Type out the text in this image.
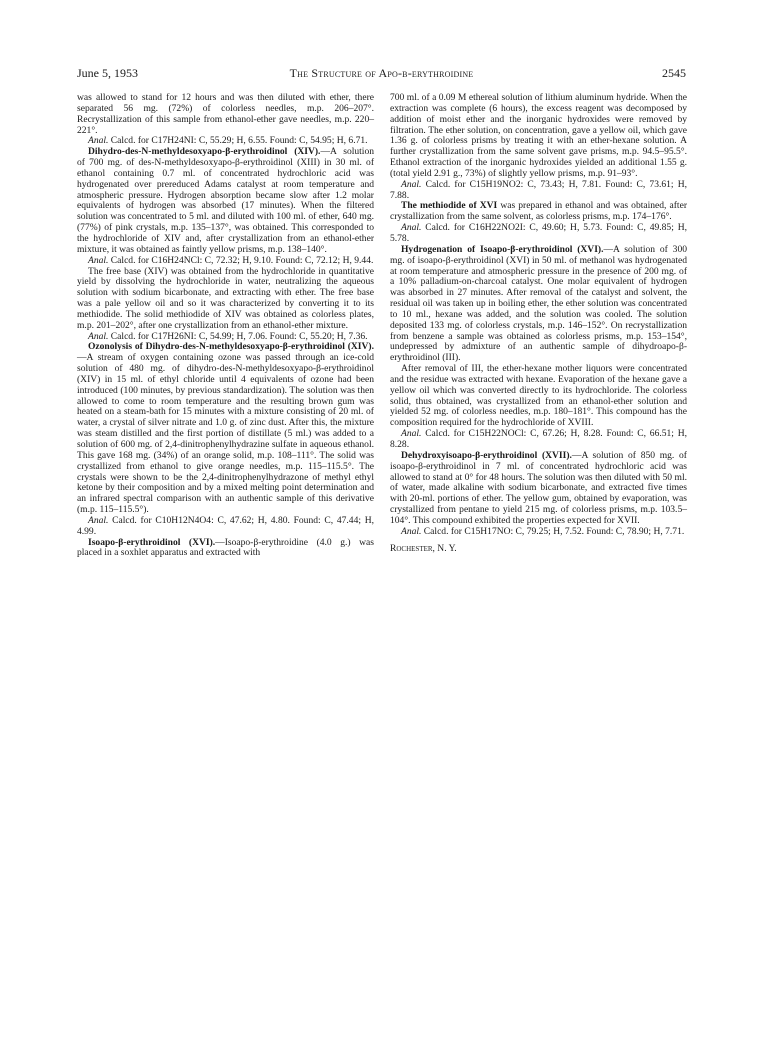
June 5, 1953	The Structure of Apo-β-erythroidine	2545

was allowed to stand for 12 hours and was then diluted with ether, there separated 56 mg. (72%) of colorless needles, m.p. 206–207°. Recrystallization of this sample from ethanol-ether gave needles, m.p. 220–221°.

Anal. Calcd. for C17H24NI: C, 55.29; H, 6.55. Found: C, 54.95; H, 6.71.

Dihydro-des-N-methyldesoxyapo-β-erythroidinol (XIV).—A solution of 700 mg. of des-N-methyldesoxyapo-β-erythroidinol (XIII) in 30 ml. of ethanol containing 0.7 ml. of concentrated hydrochloric acid was hydrogenated over prereduced Adams catalyst at room temperature and atmospheric pressure. Hydrogen absorption became slow after 1.2 molar equivalents of hydrogen was absorbed (17 minutes). When the filtered solution was concentrated to 5 ml. and diluted with 100 ml. of ether, 640 mg. (77%) of pink crystals, m.p. 135–137°, was obtained. This corresponded to the hydrochloride of XIV and, after crystallization from an ethanol-ether mixture, it was obtained as faintly yellow prisms, m.p. 138–140°.

Anal. Calcd. for C16H24NCl: C, 72.32; H, 9.10. Found: C, 72.12; H, 9.44.

The free base (XIV) was obtained from the hydrochloride in quantitative yield by dissolving the hydrochloride in water, neutralizing the aqueous solution with sodium bicarbonate, and extracting with ether. The free base was a pale yellow oil and so it was characterized by converting it to its methiodide. The solid methiodide of XIV was obtained as colorless plates, m.p. 201–202°, after one crystallization from an ethanol-ether mixture.

Anal. Calcd. for C17H26NI: C, 54.99; H, 7.06. Found: C, 55.20; H, 7.36.

Ozonolysis of Dihydro-des-N-methyldesoxyapo-β-erythroidinol (XIV).—A stream of oxygen containing ozone was passed through an ice-cold solution of 480 mg. of dihydro-des-N-methyldesoxyapo-β-erythroidinol (XIV) in 15 ml. of ethyl chloride until 4 equivalents of ozone had been introduced (100 minutes, by previous standardization). The solution was then allowed to come to room temperature and the resulting brown gum was heated on a steam-bath for 15 minutes with a mixture consisting of 20 ml. of water, a crystal of silver nitrate and 1.0 g. of zinc dust. After this, the mixture was steam distilled and the first portion of distillate (5 ml.) was added to a solution of 600 mg. of 2,4-dinitrophenylhydrazine sulfate in aqueous ethanol. This gave 168 mg. (34%) of an orange solid, m.p. 108–111°. The solid was crystallized from ethanol to give orange needles, m.p. 115–115.5°. The crystals were shown to be the 2,4-dinitrophenylhydrazone of methyl ethyl ketone by their composition and by a mixed melting point determination and an infrared spectral comparison with an authentic sample of this derivative (m.p. 115–115.5°).

Anal. Calcd. for C10H12N4O4: C, 47.62; H, 4.80. Found: C, 47.44; H, 4.99.

Isoapo-β-erythroidinol (XVI).—Isoapo-β-erythroidine (4.0 g.) was placed in a soxhlet apparatus and extracted with

700 ml. of a 0.09 M ethereal solution of lithium aluminum hydride. When the extraction was complete (6 hours), the excess reagent was decomposed by addition of moist ether and the inorganic hydroxides were removed by filtration. The ether solution, on concentration, gave a yellow oil, which gave 1.36 g. of colorless prisms by treating it with an ether-hexane solution. A further crystallization from the same solvent gave prisms, m.p. 94.5–95.5°. Ethanol extraction of the inorganic hydroxides yielded an additional 1.55 g. (total yield 2.91 g., 73%) of slightly yellow prisms, m.p. 91–93°.

Anal. Calcd. for C15H19NO2: C, 73.43; H, 7.81. Found: C, 73.61; H, 7.88.

The methiodide of XVI was prepared in ethanol and was obtained, after crystallization from the same solvent, as colorless prisms, m.p. 174–176°.

Anal. Calcd. for C16H22NO2I: C, 49.60; H, 5.73. Found: C, 49.85; H, 5.78.

Hydrogenation of Isoapo-β-erythroidinol (XVI).—A solution of 300 mg. of isoapo-β-erythroidinol (XVI) in 50 ml. of methanol was hydrogenated at room temperature and atmospheric pressure in the presence of 200 mg. of a 10% palladium-on-charcoal catalyst. One molar equivalent of hydrogen was absorbed in 27 minutes. After removal of the catalyst and solvent, the residual oil was taken up in boiling ether, the ether solution was concentrated to 10 ml., hexane was added, and the solution was cooled. The solution deposited 133 mg. of colorless crystals, m.p. 146–152°. On recrystallization from benzene a sample was obtained as colorless prisms, m.p. 153–154°, undepressed by admixture of an authentic sample of dihydroapo-β-erythroidinol (III).

After removal of III, the ether-hexane mother liquors were concentrated and the residue was extracted with hexane. Evaporation of the hexane gave a yellow oil which was converted directly to its hydrochloride. The colorless solid, thus obtained, was crystallized from an ethanol-ether solution and yielded 52 mg. of colorless needles, m.p. 180–181°. This compound has the composition required for the hydrochloride of XVIII.

Anal. Calcd. for C15H22NOCl: C, 67.26; H, 8.28. Found: C, 66.51; H, 8.28.

Dehydroxyisoapo-β-erythroidinol (XVII).—A solution of 850 mg. of isoapo-β-erythroidinol in 7 ml. of concentrated hydrochloric acid was allowed to stand at 0° for 48 hours. The solution was then diluted with 50 ml. of water, made alkaline with sodium bicarbonate, and extracted five times with 20-ml. portions of ether. The yellow gum, obtained by evaporation, was crystallized from pentane to yield 215 mg. of colorless prisms, m.p. 103.5–104°. This compound exhibited the properties expected for XVII.

Anal. Calcd. for C15H17NO: C, 79.25; H, 7.52. Found: C, 78.90; H, 7.71.

Rochester, N. Y.
